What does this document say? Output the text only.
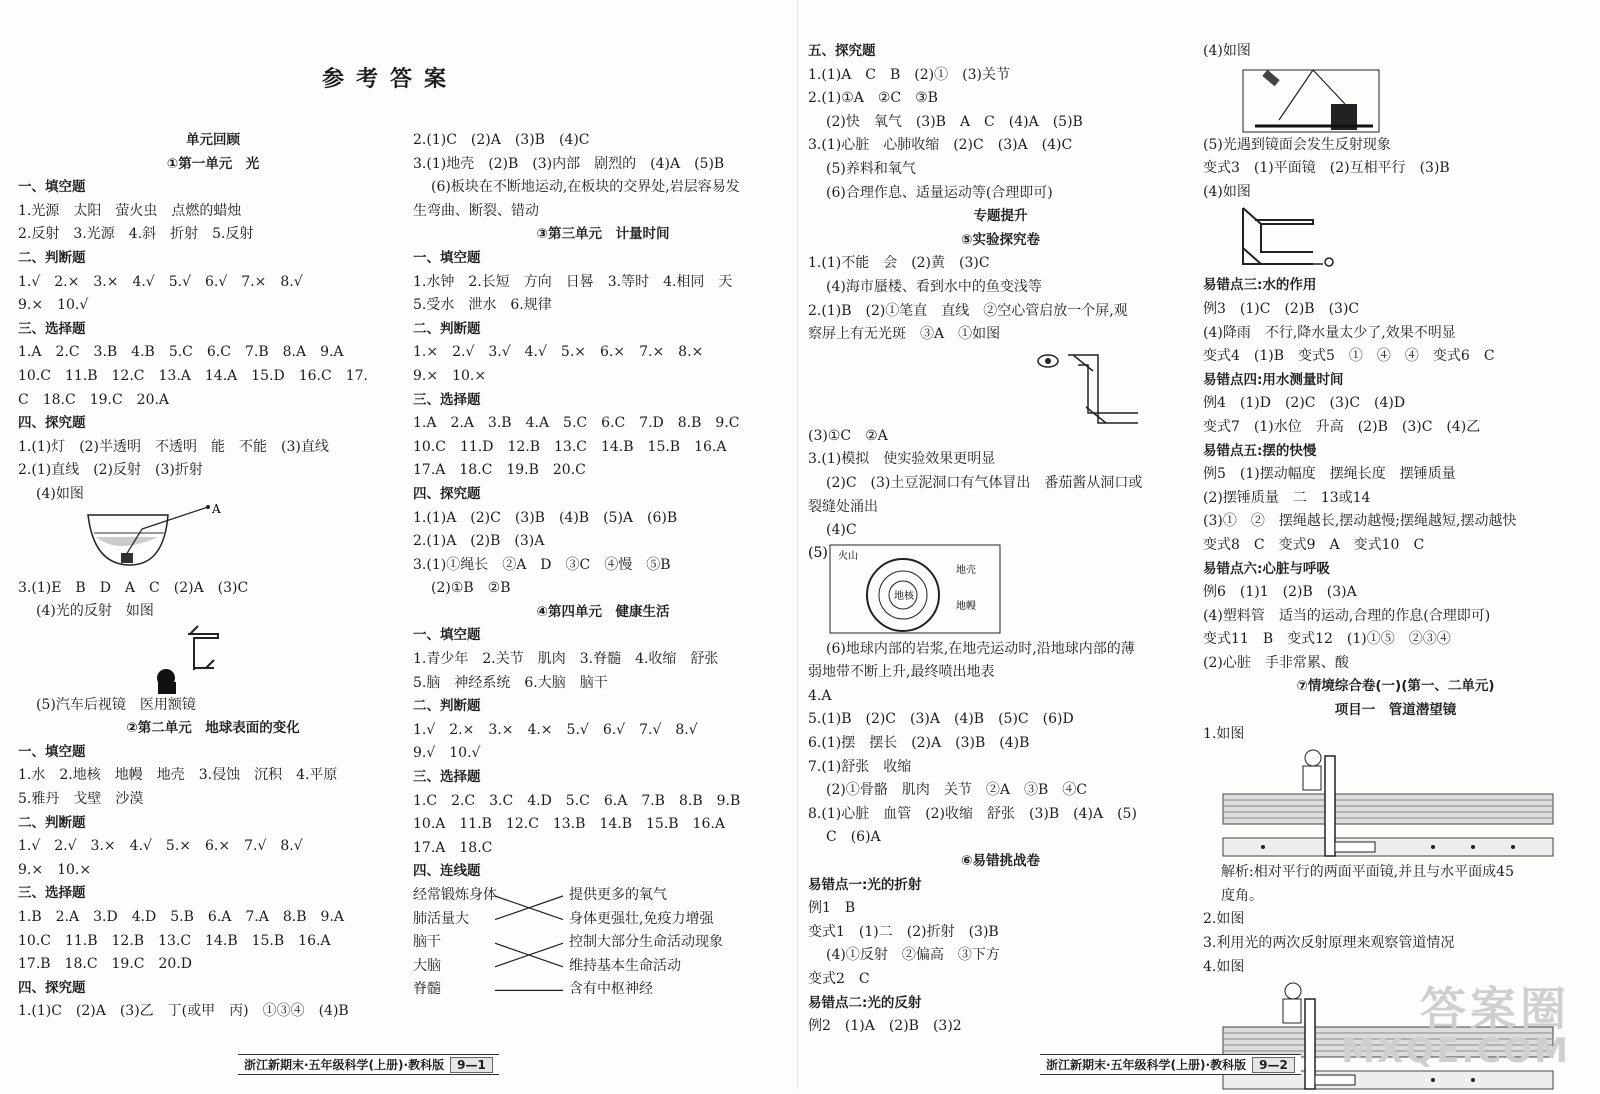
参考答案
单元回顾
①第一单元　光
一、填空题
1.光源　太阳　萤火虫　点燃的蜡烛
2.反射　3.光源　4.斜　折射　5.反射
二、判断题
1.√　2.×　3.×　4.√　5.√　6.√　7.×　8.√
9.×　10.√
三、选择题
1.A　2.C　3.B　4.B　5.C　6.C　7.B　8.A　9.A
10.C　11.B　12.C　13.A　14.A　15.D　16.C　17.
C　18.C　19.C　20.A
四、探究题
1.(1)灯　(2)半透明　不透明　能　不能　(3)直线
2.(1)直线　(2)反射　(3)折射
(4)如图
A
3.(1)E　B　D　A　C　(2)A　(3)C
(4)光的反射　如图
(5)汽车后视镜　医用额镜
②第二单元　地球表面的变化
一、填空题
1.水　2.地核　地幔　地壳　3.侵蚀　沉积　4.平原
5.雅丹　戈壁　沙漠
二、判断题
1.√　2.√　3.×　4.√　5.×　6.×　7.√　8.√
9.×　10.×
三、选择题
1.B　2.A　3.D　4.D　5.B　6.A　7.A　8.B　9.A
10.C　11.B　12.B　13.C　14.B　15.B　16.A
17.B　18.C　19.C　20.D
四、探究题
1.(1)C　(2)A　(3)乙　丁(或甲　丙)　①③④　(4)B
2.(1)C　(2)A　(3)B　(4)C
3.(1)地壳　(2)B　(3)内部　剧烈的　(4)A　(5)B
(6)板块在不断地运动,在板块的交界处,岩层容易发
生弯曲、断裂、错动
③第三单元　计量时间
一、填空题
1.水钟　2.长短　方向　日晷　3.等时　4.相同　天
5.受水　泄水　6.规律
二、判断题
1.×　2.√　3.√　4.√　5.×　6.×　7.×　8.×
9.×　10.×
三、选择题
1.A　2.A　3.B　4.A　5.C　6.C　7.D　8.B　9.C
10.C　11.D　12.B　13.C　14.B　15.B　16.A
17.A　18.C　19.B　20.C
四、探究题
1.(1)A　(2)C　(3)B　(4)B　(5)A　(6)B
2.(1)A　(2)B　(3)A
3.(1)①绳长　②A　D　③C　④慢　⑤B
(2)①B　②B
④第四单元　健康生活
一、填空题
1.青少年　2.关节　肌肉　3.脊髓　4.收缩　舒张
5.脑　神经系统　6.大脑　脑干
二、判断题
1.√　2.×　3.×　4.×　5.√　6.√　7.√　8.√
9.√　10.√
三、选择题
1.C　2.C　3.C　4.D　5.C　6.A　7.B　8.B　9.B
10.A　11.B　12.C　13.B　14.B　15.B　16.A
17.A　18.C
四、连线题
经常锻炼身体
肺活量大
脑干
大脑
脊髓
提供更多的氧气
身体更强壮,免疫力增强
控制大部分生命活动现象
维持基本生命活动
含有中枢神经
五、探究题
1.(1)A　C　B　(2)①　(3)关节
2.(1)①A　②C　③B
(2)快　氧气　(3)B　A　C　(4)A　(5)B
3.(1)心脏　心肺收缩　(2)C　(3)A　(4)C
(5)养料和氧气
(6)合理作息、适量运动等(合理即可)
专题提升
⑤实验探究卷
1.(1)不能　会　(2)黄　(3)C
(4)海市蜃楼、看到水中的鱼变浅等
2.(1)B　(2)①笔直　直线　②空心管启放一个屏,观
察屏上有无光斑　③A　①如图
(3)①C　②A
3.(1)模拟　使实验效果更明显
(2)C　(3)土豆泥洞口有气体冒出　番茄酱从洞口或
裂缝处涌出
(4)C
(5)
地核
火山
地壳
地幔
(6)地球内部的岩浆,在地壳运动时,沿地球内部的薄
弱地带不断上升,最终喷出地表
4.A
5.(1)B　(2)C　(3)A　(4)B　(5)C　(6)D
6.(1)摆　摆长　(2)A　(3)B　(4)B
7.(1)舒张　收缩
(2)①骨骼　肌肉　关节　②A　③B　④C
8.(1)心脏　血管　(2)收缩　舒张　(3)B　(4)A　(5)
C　(6)A
⑥易错挑战卷
易错点一:光的折射
例1　B
变式1　(1)二　(2)折射　(3)B
(4)①反射　②偏高　③下方
变式2　C
易错点二:光的反射
例2　(1)A　(2)B　(3)2
(4)如图
(5)光遇到镜面会发生反射现象
变式3　(1)平面镜　(2)互相平行　(3)B
(4)如图
易错点三:水的作用
例3　(1)C　(2)B　(3)C
(4)降雨　不行,降水量太少了,效果不明显
变式4　(1)B　变式5　①　④　④　变式6　C
易错点四:用水测量时间
例4　(1)D　(2)C　(3)C　(4)D
变式7　(1)水位　升高　(2)B　(3)C　(4)乙
易错点五:摆的快慢
例5　(1)摆动幅度　摆绳长度　摆锤质量
(2)摆锤质量　二　13或14
(3)①　②　摆绳越长,摆动越慢;摆绳越短,摆动越快
变式8　C　变式9　A　变式10　C
易错点六:心脏与呼吸
例6　(1)1　(2)B　(3)A
(4)塑料管　适当的运动,合理的作息(合理即可)
变式11　B　变式12　(1)①⑤　②③④
(2)心脏　手非常累、酸
⑦情境综合卷(一)(第一、二单元)
项目一　管道潜望镜
1.如图
解析:相对平行的两面平面镜,并且与水平面成45
度角。
2.如图
3.利用光的两次反射原理来观察管道情况
4.如图
浙江新期末·五年级科学(上册)·教科版 9—1	浙江新期末·五年级科学(上册)·教科版 9—2
答案圈
MXQE.COM
